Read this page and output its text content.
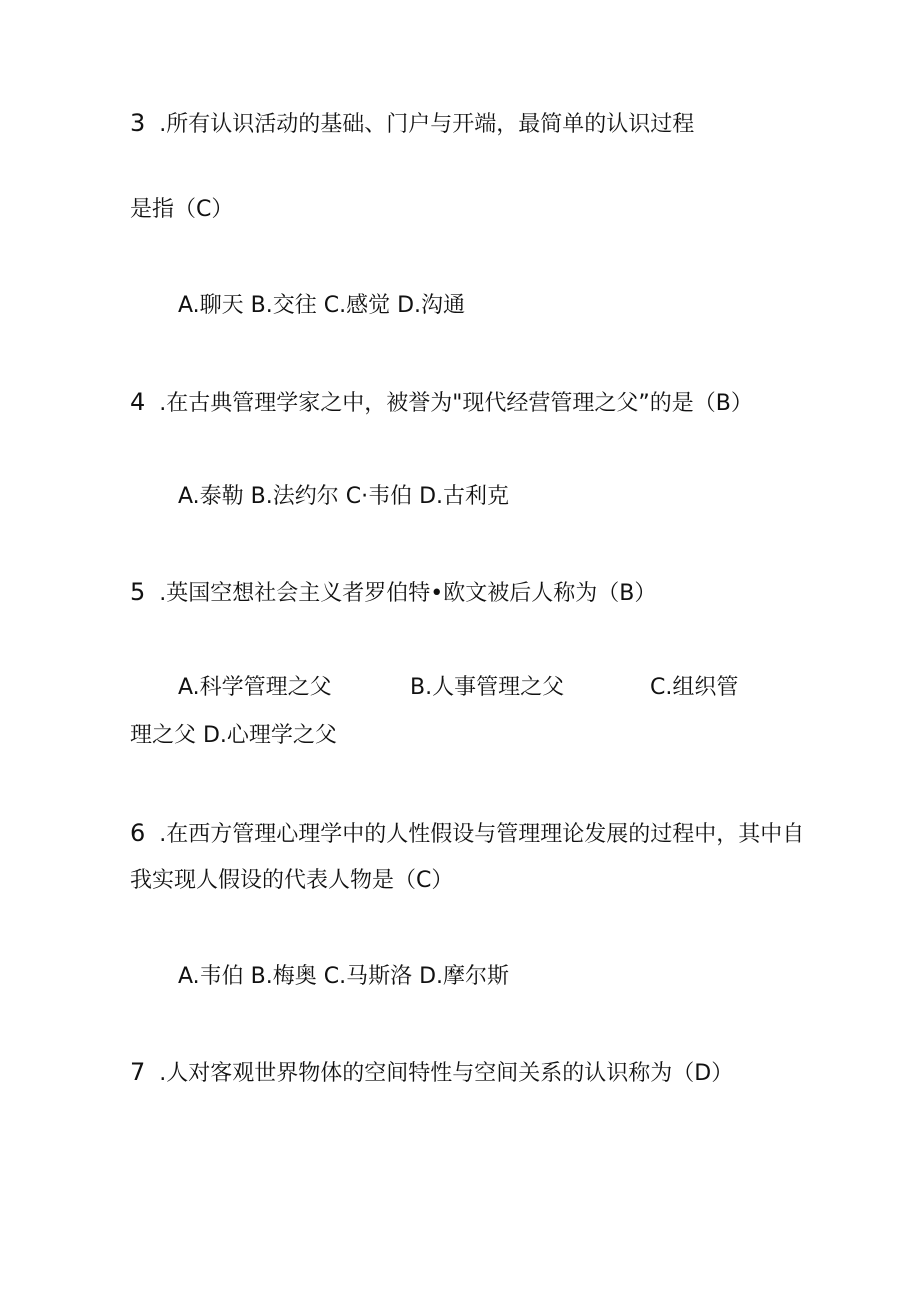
3 .所有认识活动的基础、门户与开端，最简单的认识过程
是指（C）
A.聊天 B.交往 C.感觉 D.沟通
4 .在古典管理学家之中，被誉为"现代经营管理之父”的是（B）
A.泰勒 B.法约尔 C·韦伯 D.古利克
5 .英国空想社会主义者罗伯特•欧文被后人称为（B）
A.科学管理之父	B.人事管理之父	C.组织管
理之父 D.心理学之父
6 .在西方管理心理学中的人性假设与管理理论发展的过程中，其中自
我实现人假设的代表人物是（C）
A.韦伯 B.梅奥 C.马斯洛 D.摩尔斯
7 .人对客观世界物体的空间特性与空间关系的认识称为（D）
